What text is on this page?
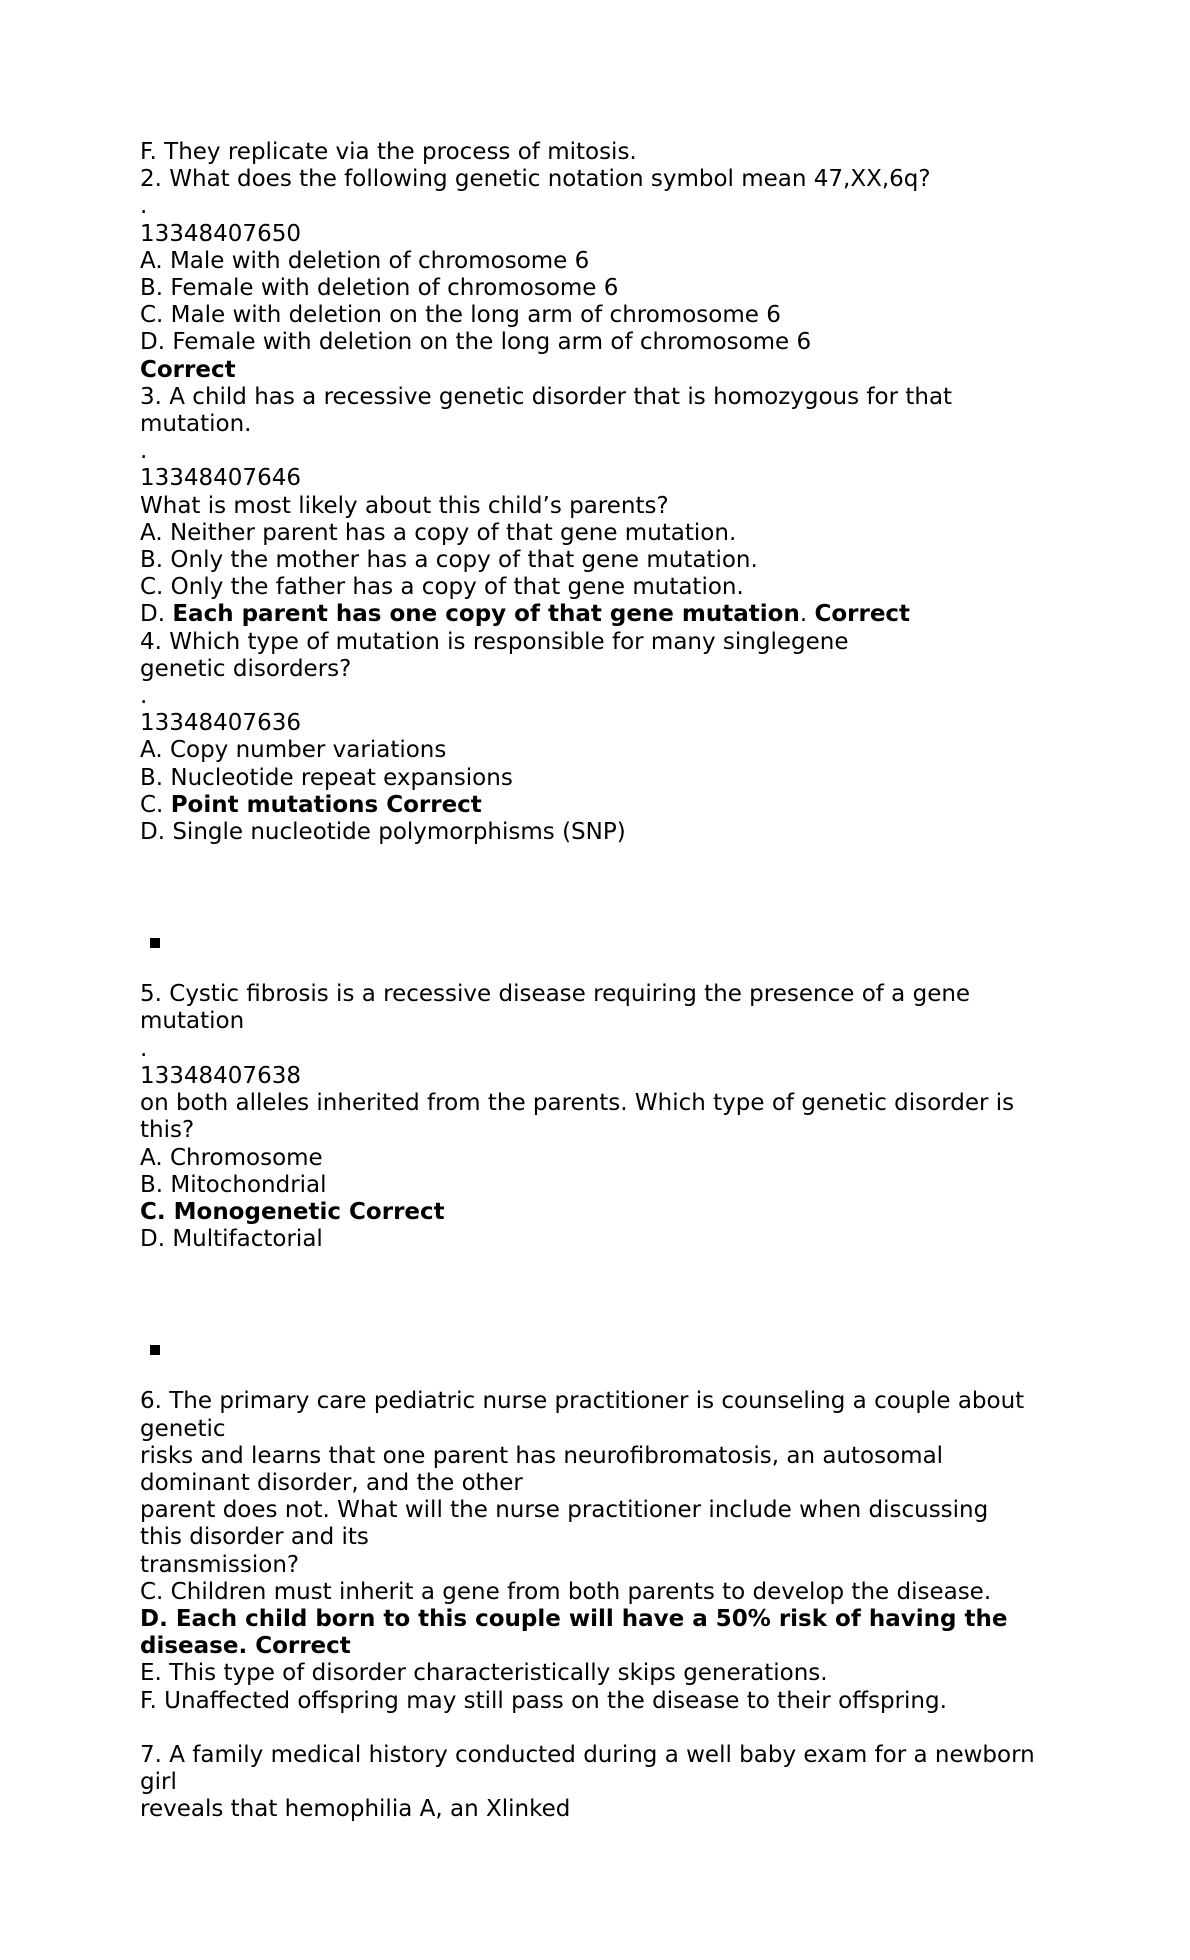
F. They replicate via the process of mitosis.
2. What does the following genetic notation symbol mean 47,XX,6q?
.
13348407650
A. Male with deletion of chromosome 6
B. Female with deletion of chromosome 6
C. Male with deletion on the long arm of chromosome 6
D. Female with deletion on the long arm of chromosome 6
Correct
3. A child has a recessive genetic disorder that is homozygous for that
mutation.
.
13348407646
What is most likely about this child’s parents?
A. Neither parent has a copy of that gene mutation.
B. Only the mother has a copy of that gene mutation.
C. Only the father has a copy of that gene mutation.
D. Each parent has one copy of that gene mutation. Correct
4. Which type of mutation is responsible for many singlegene
genetic disorders?
.
13348407636
A. Copy number variations
B. Nucleotide repeat expansions
C. Point mutations Correct
D. Single nucleotide polymorphisms (SNP)
5. Cystic fibrosis is a recessive disease requiring the presence of a gene
mutation
.
13348407638
on both alleles inherited from the parents. Which type of genetic disorder is
this?
A. Chromosome
B. Mitochondrial
C. Monogenetic Correct
D. Multifactorial
6. The primary care pediatric nurse practitioner is counseling a couple about
genetic
risks and learns that one parent has neurofibromatosis, an autosomal
dominant disorder, and the other
parent does not. What will the nurse practitioner include when discussing
this disorder and its
transmission?
C. Children must inherit a gene from both parents to develop the disease.
D. Each child born to this couple will have a 50% risk of having the
disease. Correct
E. This type of disorder characteristically skips generations.
F. Unaffected offspring may still pass on the disease to their offspring.
7. A family medical history conducted during a well baby exam for a newborn
girl
reveals that hemophilia A, an Xlinked
